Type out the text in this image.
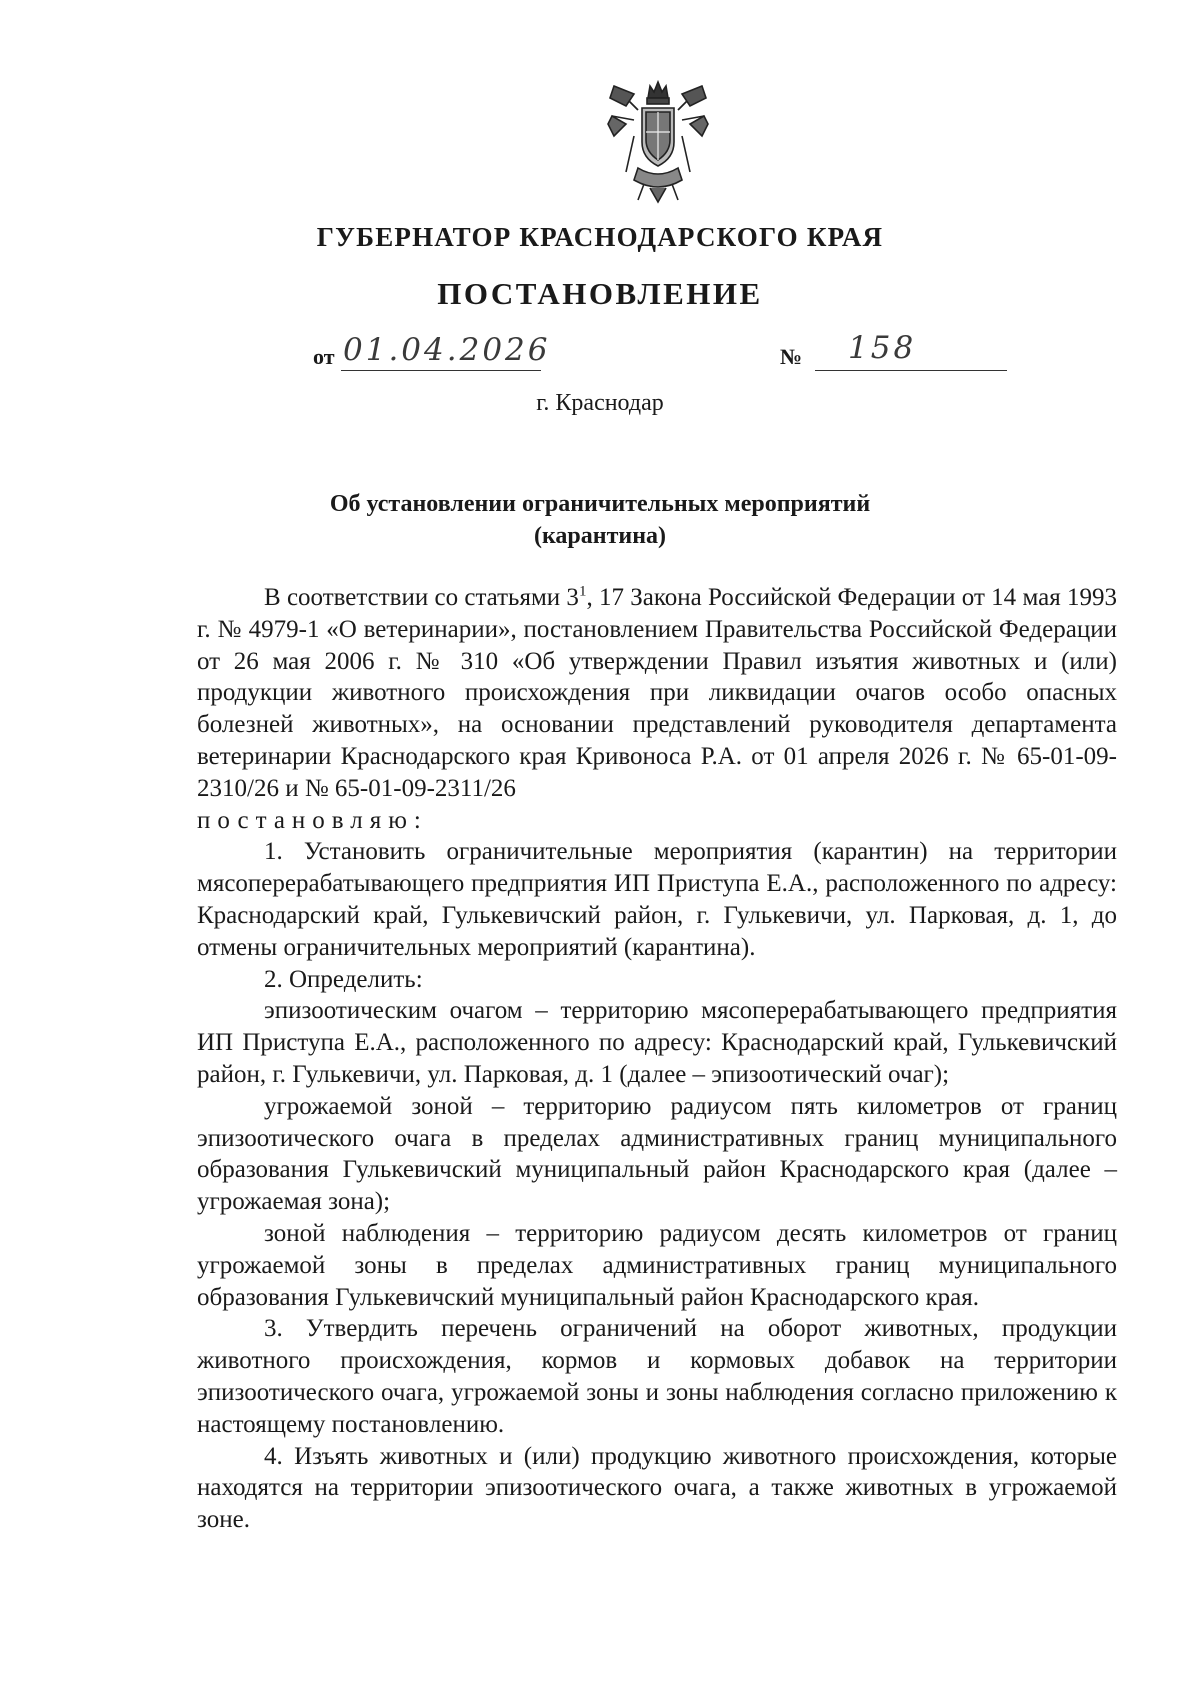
ГУБЕРНАТОР КРАСНОДАРСКОГО КРАЯ
ПОСТАНОВЛЕНИЕ
от 01.04.2026	№ 158
г. Краснодар
Об установлении ограничительных мероприятий
(карантина)

В соответствии со статьями $3^1$, 17 Закона Российской Федерации от 14 мая 1993 г. № 4979-1 «О ветеринарии», постановлением Правительства Российской Федерации от 26 мая 2006 г. № 310 «Об утверждении Правил изъятия животных и (или) продукции животного происхождения при ликвидации очагов особо опасных болезней животных», на основании представлений руководителя департамента ветеринарии Краснодарского края Кривоноса Р.А. от 01 апреля 2026 г. № 65-01-09-2310/26 и № 65-01-09-2311/26

постановляю:

1. Установить ограничительные мероприятия (карантин) на территории мясоперерабатывающего предприятия ИП Приступа Е.А., расположенного по адресу: Краснодарский край, Гулькевичский район, г. Гулькевичи, ул. Парковая, д. 1, до отмены ограничительных мероприятий (карантина).

2. Определить:

эпизоотическим очагом – территорию мясоперерабатывающего предприятия ИП Приступа Е.А., расположенного по адресу: Краснодарский край, Гулькевичский район, г. Гулькевичи, ул. Парковая, д. 1 (далее – эпизоотический очаг);

угрожаемой зоной – территорию радиусом пять километров от границ эпизоотического очага в пределах административных границ муниципального образования Гулькевичский муниципальный район Краснодарского края (далее – угрожаемая зона);

зоной наблюдения – территорию радиусом десять километров от границ угрожаемой зоны в пределах административных границ муниципального образования Гулькевичский муниципальный район Краснодарского края.

3. Утвердить перечень ограничений на оборот животных, продукции животного происхождения, кормов и кормовых добавок на территории эпизоотического очага, угрожаемой зоны и зоны наблюдения согласно приложению к настоящему постановлению.

4. Изъять животных и (или) продукцию животного происхождения, которые находятся на территории эпизоотического очага, а также животных в угрожаемой зоне.
